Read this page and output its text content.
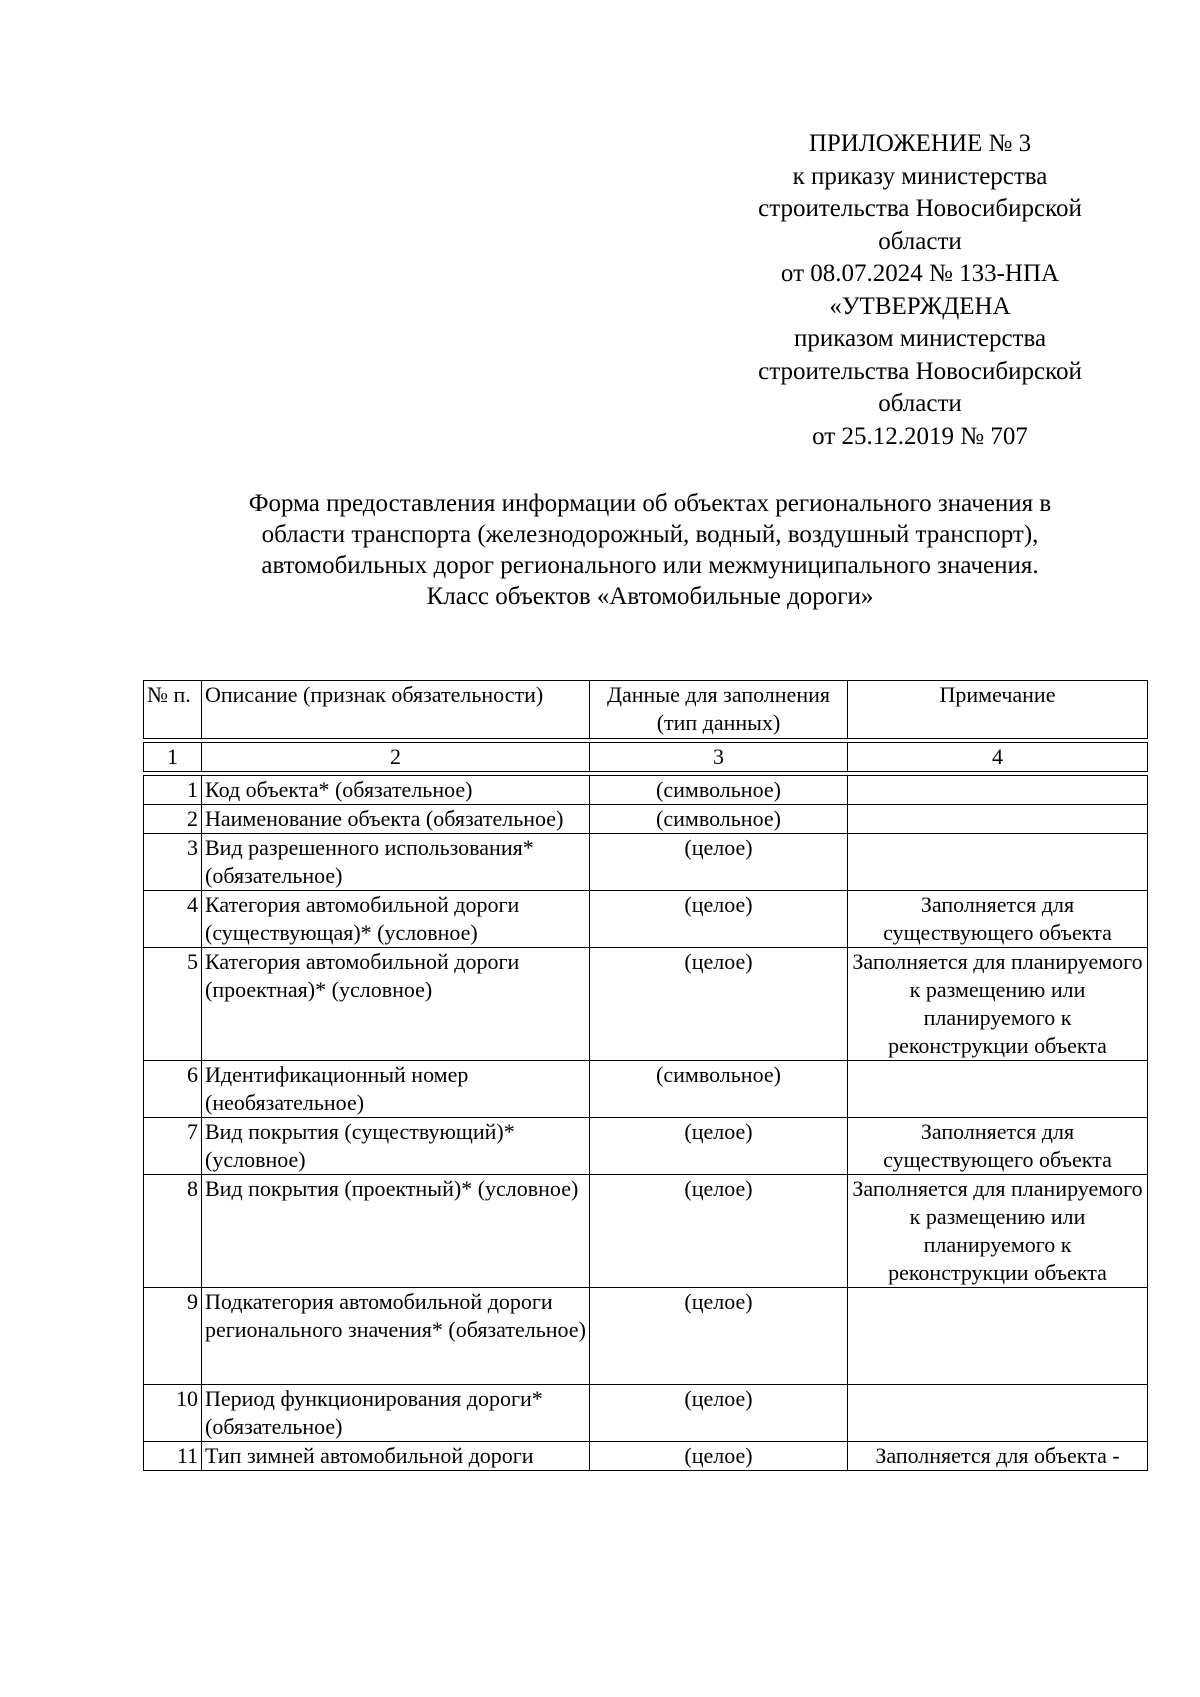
ПРИЛОЖЕНИЕ № 3
к приказу министерства
строительства Новосибирской
области
от 08.07.2024 № 133-НПА
«УТВЕРЖДЕНА
приказом министерства
строительства Новосибирской
области
от 25.12.2019 № 707
Форма предоставления информации об объектах регионального значения в
области транспорта (железнодорожный, водный, воздушный транспорт),
автомобильных дорог регионального или межмуниципального значения.
Класс объектов «Автомобильные дороги»
№ п.	Описание (признак обязательности)	Данные для заполнения (тип данных)	Примечание

1	2	3	4

1	Код объекта* (обязательное)	(символьное)	
2	Наименование объекта (обязательное)	(символьное)	
3	Вид разрешенного использования* (обязательное)	(целое)	
4	Категория автомобильной дороги (существующая)* (условное)	(целое)	Заполняется для существующего объекта
5	Категория автомобильной дороги (проектная)* (условное)	(целое)	Заполняется для планируемого к размещению или планируемого к реконструкции объекта
6	Идентификационный номер (необязательное)	(символьное)	
7	Вид покрытия (существующий)* (условное)	(целое)	Заполняется для существующего объекта
8	Вид покрытия (проектный)* (условное)	(целое)	Заполняется для планируемого к размещению или планируемого к реконструкции объекта
9	Подкатегория автомобильной дороги регионального значения* (обязательное)	(целое)	
10	Период функционирования дороги* (обязательное)	(целое)	
11	Тип зимней автомобильной дороги	(целое)	Заполняется для объекта -
